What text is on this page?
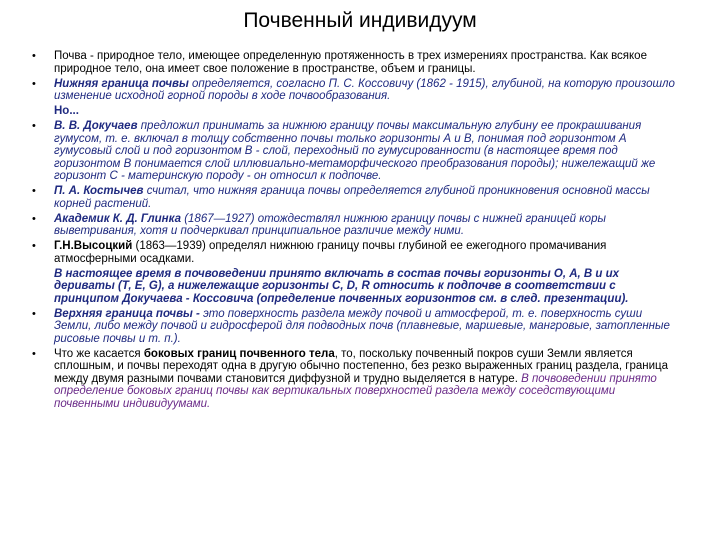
Почвенный индивидуум
• Почва - природное тело, имеющее определенную протяженность в трех измерениях пространства. Как всякое природное тело, она имеет свое положение в пространстве, объем и границы.
• Нижняя граница почвы определяется, согласно П. С. Коссовичу (1862 - 1915), глубиной, на которую произошло изменение исходной горной породы в ходе почвообразования.
Но...
• В. В. Докучаев предложил принимать за нижнюю границу почвы максимальную глубину ее прокрашивания гумусом, т. е. включал в толщу собственно почвы только горизонты А и В, понимая под горизонтом А гумусовый слой и под горизонтом В - слой, переходный по гумусированности (в настоящее время под горизонтом В понимается слой иллювиально-метаморфического преобразования породы); нижележащий же горизонт С - материнскую породу - он относил к подпочве.
• П. А. Костычев считал, что нижняя граница почвы определяется глубиной проникновения основной массы корней растений.
• Академик К. Д. Глинка (1867—1927) отождествлял нижнюю границу почвы с нижней границей коры выветривания, хотя и подчеркивал принципиальное различие между ними.
• Г.Н.Высоцкий (1863—1939) определял нижнюю границу почвы глубиной ее ежегодного промачивания атмосферными осадками.
В настоящее время в почвоведении принято включать в состав почвы горизонты О, А, В и их дериваты (Т, Е, G), а нижележащие горизонты С, D, R относить к подпочве в соответствии с принципом Докучаева - Коссовича (определение почвенных горизонтов см. в след. презентации).
• Верхняя граница почвы - это поверхность раздела между почвой и атмосферой, т. е. поверхность суши Земли, либо между почвой и гидросферой для подводных почв (плавневые, маршевые, мангровые, затопленные рисовые почвы и т. п.).
• Что же касается боковых границ почвенного тела, то, поскольку почвенный покров суши Земли является сплошным, и почвы переходят одна в другую обычно постепенно, без резко выраженных границ раздела, граница между двумя разными почвами становится диффузной и трудно выделяется в натуре. В почвоведении принято определение боковых границ почвы как вертикальных поверхностей раздела между соседствующими почвенными индивидуумами.
